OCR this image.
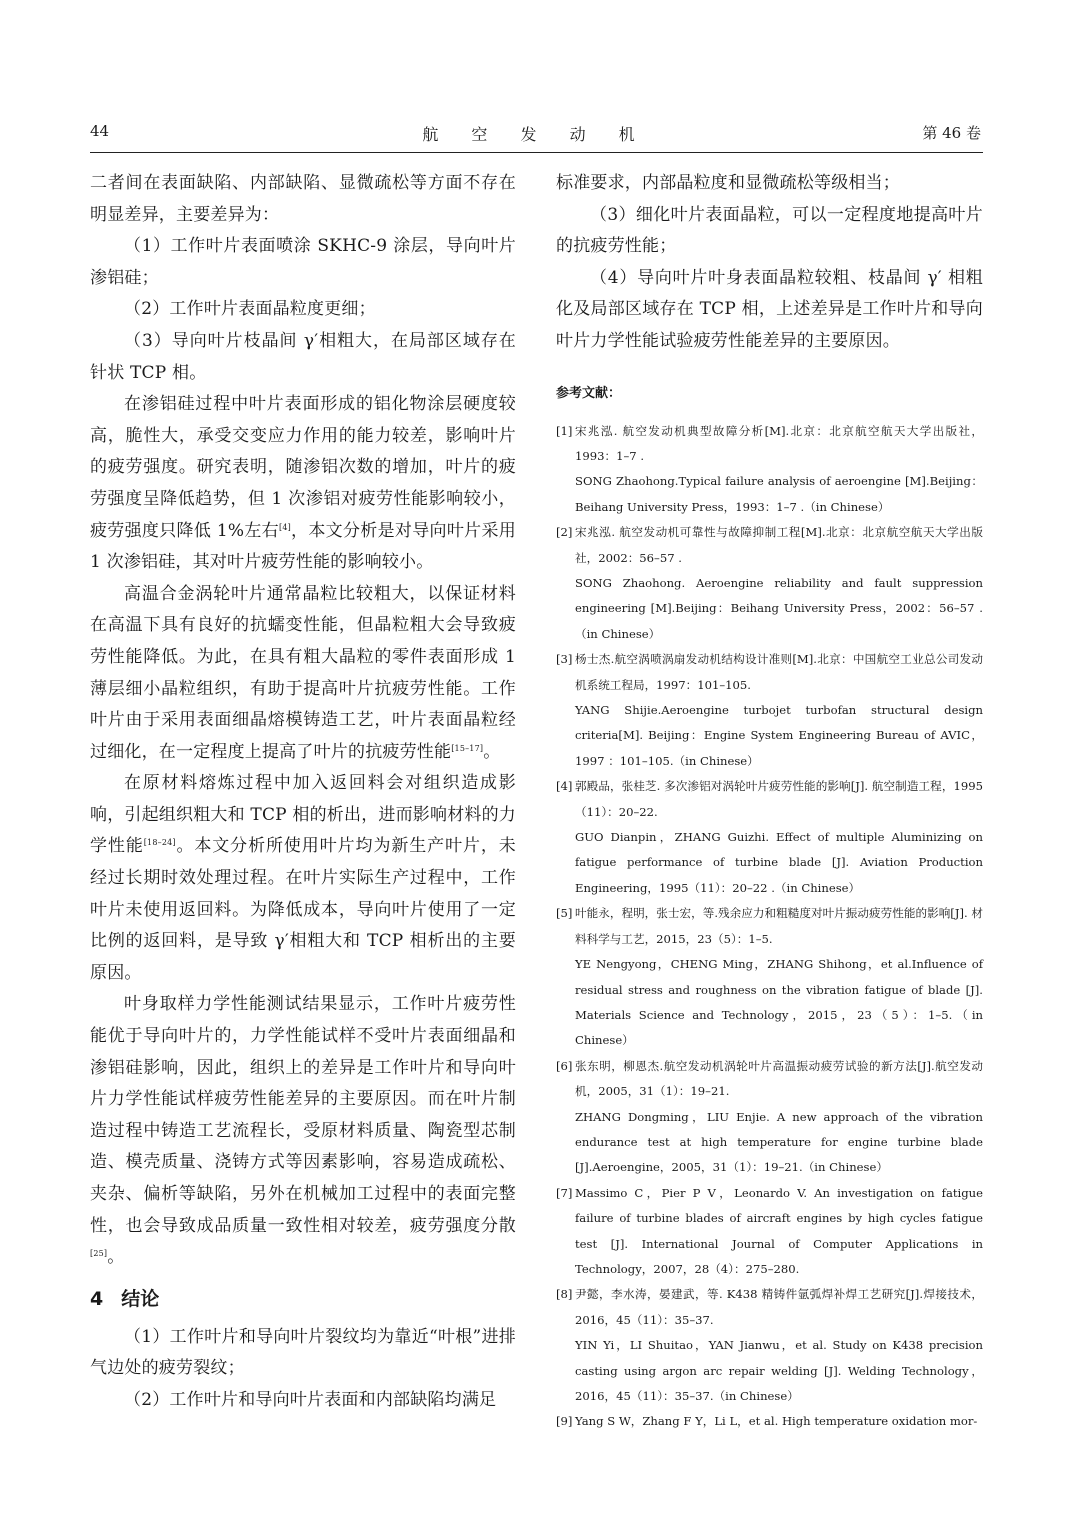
44	航 空 发 动 机	第 46 卷

二者间在表面缺陷、内部缺陷、显微疏松等方面不存在明显差异，主要差异为：

（1）工作叶片表面喷涂 SKHC-9 涂层，导向叶片渗铝硅；

（2）工作叶片表面晶粒度更细；

（3）导向叶片枝晶间 γ′相粗大，在局部区域存在针状 TCP 相。

在渗铝硅过程中叶片表面形成的铝化物涂层硬度较高，脆性大，承受交变应力作用的能力较差，影响叶片的疲劳强度。研究表明，随渗铝次数的增加，叶片的疲劳强度呈降低趋势，但 1 次渗铝对疲劳性能影响较小，疲劳强度只降低 1%左右[4]，本文分析是对导向叶片采用 1 次渗铝硅，其对叶片疲劳性能的影响较小。

高温合金涡轮叶片通常晶粒比较粗大，以保证材料在高温下具有良好的抗蠕变性能，但晶粒粗大会导致疲劳性能降低。为此，在具有粗大晶粒的零件表面形成 1 薄层细小晶粒组织，有助于提高叶片抗疲劳性能。工作叶片由于采用表面细晶熔模铸造工艺，叶片表面晶粒经过细化，在一定程度上提高了叶片的抗疲劳性能[15–17]。

在原材料熔炼过程中加入返回料会对组织造成影响，引起组织粗大和 TCP 相的析出，进而影响材料的力学性能[18–24]。本文分析所使用叶片均为新生产叶片，未经过长期时效处理过程。在叶片实际生产过程中，工作叶片未使用返回料。为降低成本，导向叶片使用了一定比例的返回料，是导致 γ′相粗大和 TCP 相析出的主要原因。

叶身取样力学性能测试结果显示，工作叶片疲劳性能优于导向叶片的，力学性能试样不受叶片表面细晶和渗铝硅影响，因此，组织上的差异是工作叶片和导向叶片力学性能试样疲劳性能差异的主要原因。而在叶片制造过程中铸造工艺流程长，受原材料质量、陶瓷型芯制造、模壳质量、浇铸方式等因素影响，容易造成疏松、夹杂、偏析等缺陷，另外在机械加工过程中的表面完整性，也会导致成品质量一致性相对较差，疲劳强度分散[25]。

4 结论

（1）工作叶片和导向叶片裂纹均为靠近“叶根”进排气边处的疲劳裂纹；

（2）工作叶片和导向叶片表面和内部缺陷均满足

标准要求，内部晶粒度和显微疏松等级相当；

（3）细化叶片表面晶粒，可以一定程度地提高叶片的抗疲劳性能；

（4）导向叶片叶身表面晶粒较粗、枝晶间 γ′ 相粗化及局部区域存在 TCP 相，上述差异是工作叶片和导向叶片力学性能试验疲劳性能差异的主要原因。

参考文献：

[1] 宋兆泓. 航空发动机典型故障分析[M].北京：北京航空航天大学出版社，1993：1–7 .
SONG Zhaohong.Typical failure analysis of aeroengine [M].Beijing：Beihang University Press，1993：1–7 .（in Chinese）

[2] 宋兆泓. 航空发动机可靠性与故障抑制工程[M].北京：北京航空航天大学出版社，2002：56–57 .
SONG Zhaohong. Aeroengine reliability and fault suppression engineering [M].Beijing：Beihang University Press，2002：56–57 .（in Chinese）

[3] 杨士杰.航空涡喷涡扇发动机结构设计准则[M].北京：中国航空工业总公司发动机系统工程局，1997：101–105.
YANG Shijie.Aeroengine turbojet turbofan structural design criteria[M]. Beijing：Engine System Engineering Bureau of AVIC，1997 ：101–105.（in Chinese）

[4] 郭殿品，张桂芝. 多次渗铝对涡轮叶片疲劳性能的影响[J]. 航空制造工程，1995（11）：20–22.
GUO Dianpin，ZHANG Guizhi. Effect of multiple Aluminizing on fatigue performance of turbine blade [J]. Aviation Production Engineering，1995（11）：20–22 .（in Chinese）

[5] 叶能永，程明，张士宏，等.残余应力和粗糙度对叶片振动疲劳性能的影响[J]. 材料科学与工艺，2015，23（5）：1–5.
YE Nengyong，CHENG Ming，ZHANG Shihong，et al.Influence of residual stress and roughness on the vibration fatigue of blade [J]. Materials Science and Technology，2015，23（5）：1–5.（in Chinese）

[6] 张东明，柳恩杰.航空发动机涡轮叶片高温振动疲劳试验的新方法[J].航空发动机，2005，31（1）：19–21.
ZHANG Dongming，LIU Enjie. A new approach of the vibration endurance test at high temperature for engine turbine blade [J].Aeroengine，2005，31（1）：19–21.（in Chinese）

[7] Massimo C，Pier P V，Leonardo V. An investigation on fatigue failure of turbine blades of aircraft engines by high cycles fatigue test [J]. International Journal of Computer Applications in Technology，2007，28（4）：275–280.

[8] 尹懿，李水涛，晏建武，等. K438 精铸件氩弧焊补焊工艺研究[J].焊接技术，2016，45（11）：35–37.
YIN Yi，LI Shuitao，YAN Jianwu，et al. Study on K438 precision casting using argon arc repair welding [J]. Welding Technology，2016，45（11）：35–37.（in Chinese）

[9] Yang S W，Zhang F Y，Li L，et al. High temperature oxidation mor-
